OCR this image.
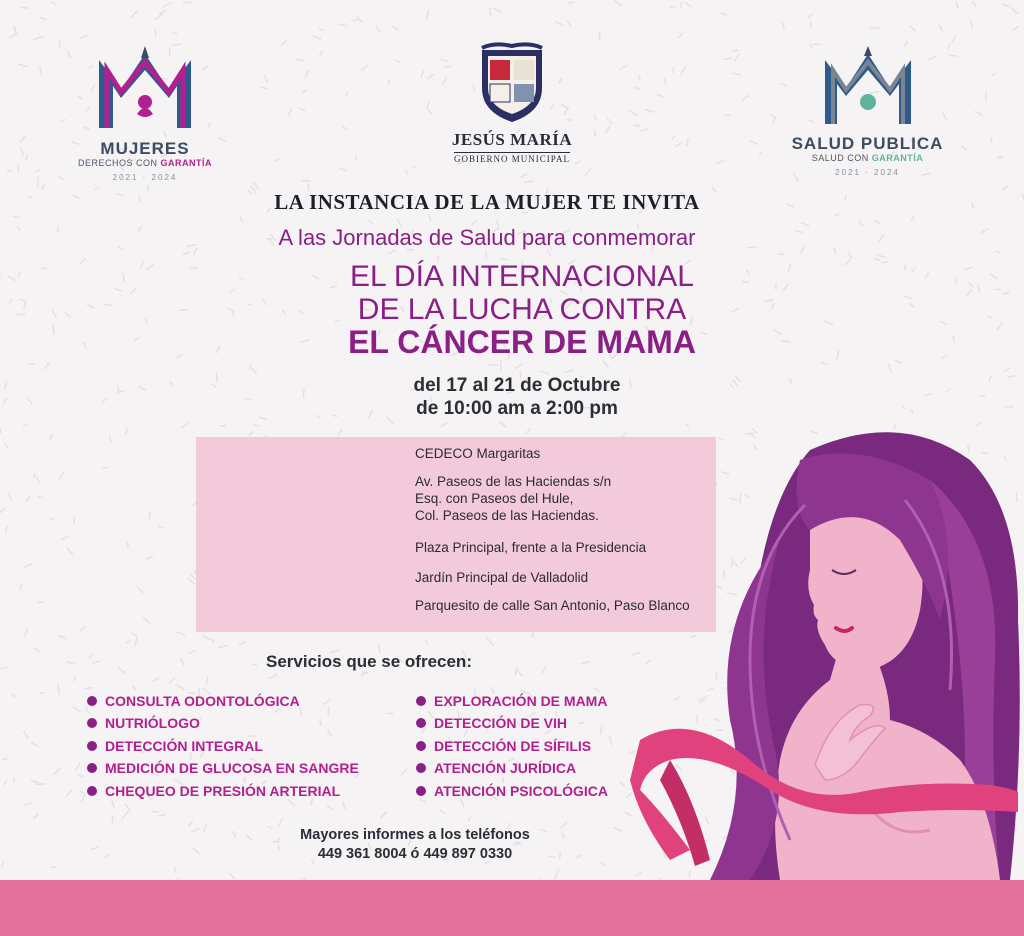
MUJERES
DERECHOS CON GARANTÍA
2021 · 2024
JESÚS MARÍA
GOBIERNO MUNICIPAL
SALUD PUBLICA
SALUD CON GARANTÍA
2021 · 2024
LA INSTANCIA DE LA MUJER TE INVITA
A las Jornadas de Salud para conmemorar
EL DÍA INTERNACIONAL
DE LA LUCHA CONTRA
EL CÁNCER DE MAMA
del 17 al 21 de Octubre
de 10:00 am a 2:00 pm
CEDECO Margaritas
Av. Paseos de las Haciendas s/n
Esq. con Paseos del Hule,
Col. Paseos de las Haciendas.
Plaza Principal, frente a la Presidencia
Jardín Principal de Valladolid
Parquesito de calle San Antonio, Paso Blanco
Servicios que se ofrecen:
CONSULTA ODONTOLÓGICA
NUTRIÓLOGO
DETECCIÓN INTEGRAL
MEDICIÓN DE GLUCOSA EN SANGRE
CHEQUEO DE PRESIÓN ARTERIAL
EXPLORACIÓN DE MAMA
DETECCIÓN DE VIH
DETECCIÓN DE SÍFILIS
ATENCIÓN JURÍDICA
ATENCIÓN PSICOLÓGICA
Mayores informes a los teléfonos
449 361 8004 ó 449 897 0330
